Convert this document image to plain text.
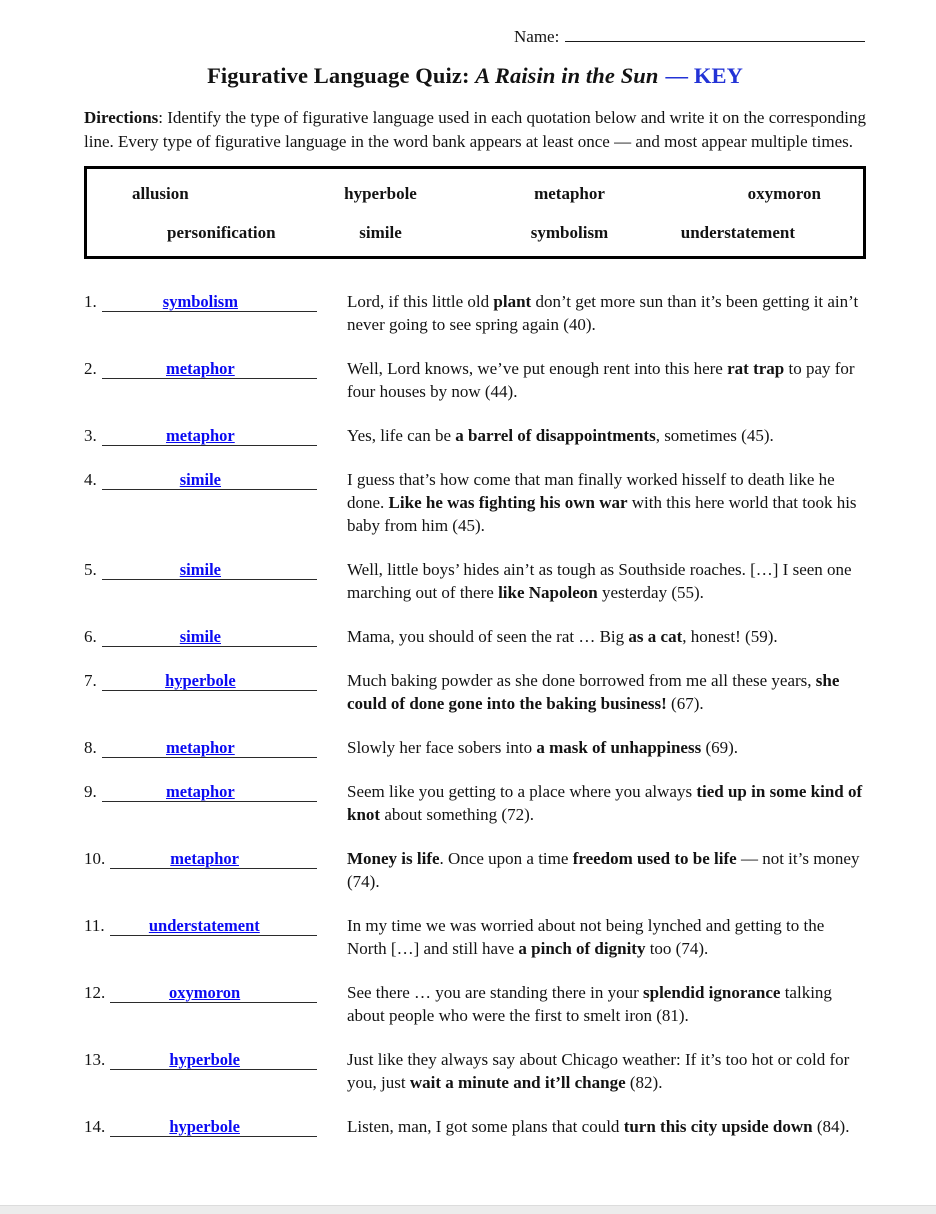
Name:
Figurative Language Quiz: A Raisin in the Sun — KEY

Directions: Identify the type of figurative language used in each quotation below and write it on the corresponding line. Every type of figurative language in the word bank appears at least once — and most appear multiple times.

allusion	hyperbole	metaphor	oxymoron
personification	simile	symbolism	understatement
1.	symbolism	Lord, if this little old plant don’t get more sun than it’s been getting it ain’t never going to see spring again (40).
2.	metaphor	Well, Lord knows, we’ve put enough rent into this here rat trap to pay for four houses by now (44).
3.	metaphor	Yes, life can be a barrel of disappointments, sometimes (45).
4.	simile	I guess that’s how come that man finally worked hisself to death like he done. Like he was fighting his own war with this here world that took his baby from him (45).
5.	simile	Well, little boys’ hides ain’t as tough as Southside roaches. […] I seen one marching out of there like Napoleon yesterday (55).
6.	simile	Mama, you should of seen the rat … Big as a cat, honest! (59).
7.	hyperbole	Much baking powder as she done borrowed from me all these years, she could of done gone into the baking business! (67).
8.	metaphor	Slowly her face sobers into a mask of unhappiness (69).
9.	metaphor	Seem like you getting to a place where you always tied up in some kind of knot about something (72).
10.	metaphor	Money is life. Once upon a time freedom used to be life — not it’s money (74).
11.	understatement	In my time we was worried about not being lynched and getting to the North […] and still have a pinch of dignity too (74).
12.	oxymoron	See there … you are standing there in your splendid ignorance talking about people who were the first to smelt iron (81).
13.	hyperbole	Just like they always say about Chicago weather: If it’s too hot or cold for you, just wait a minute and it’ll change (82).
14.	hyperbole	Listen, man, I got some plans that could turn this city upside down (84).
